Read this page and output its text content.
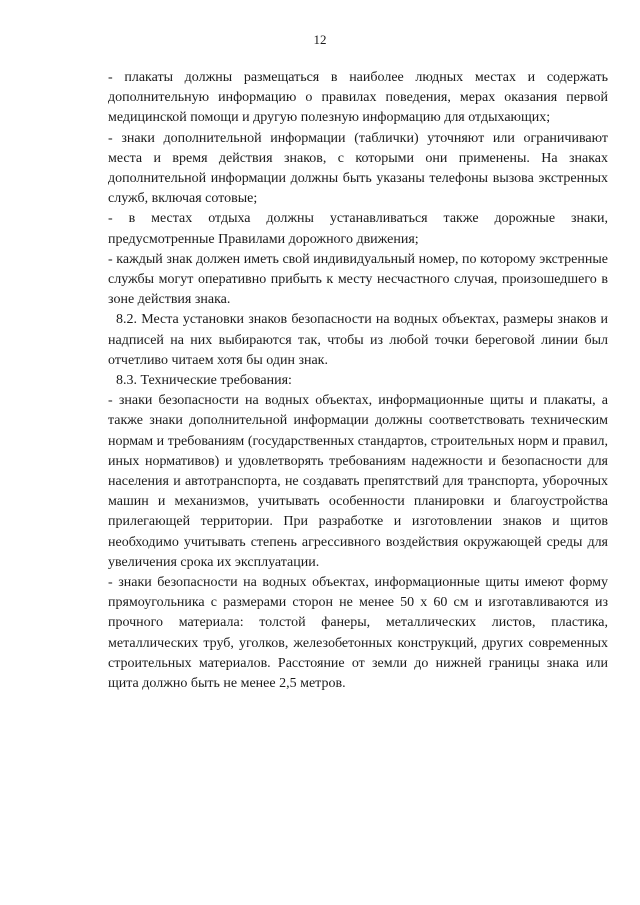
12

- плакаты должны размещаться в наиболее людных местах и содержать дополнительную информацию о правилах поведения, мерах оказания первой медицинской помощи и другую полезную информацию для отдыхающих;

- знаки дополнительной информации (таблички) уточняют или ограничивают места и время действия знаков, с которыми они применены. На знаках дополнительной информации должны быть указаны телефоны вызова экстренных служб, включая сотовые;

- в местах отдыха должны устанавливаться также дорожные знаки, предусмотренные Правилами дорожного движения;

- каждый знак должен иметь свой индивидуальный номер, по которому экстренные службы могут оперативно прибыть к месту несчастного случая, произошедшего в зоне действия знака.

8.2. Места установки знаков безопасности на водных объектах, размеры знаков и надписей на них выбираются так, чтобы из любой точки береговой линии был отчетливо читаем хотя бы один знак.

8.3. Технические требования:

- знаки безопасности на водных объектах, информационные щиты и плакаты, а также знаки дополнительной информации должны соответствовать техническим нормам и требованиям (государственных стандартов, строительных норм и правил, иных нормативов) и удовлетворять требованиям надежности и безопасности для населения и автотранспорта, не создавать препятствий для транспорта, уборочных машин и механизмов, учитывать особенности планировки и благоустройства прилегающей территории. При разработке и изготовлении знаков и щитов необходимо учитывать степень агрессивного воздействия окружающей среды для увеличения срока их эксплуатации.

- знаки безопасности на водных объектах, информационные щиты имеют форму прямоугольника с размерами сторон не менее 50 х 60 см и изготавливаются из прочного материала: толстой фанеры, металлических листов, пластика, металлических труб, уголков, железобетонных конструкций, других современных строительных материалов. Расстояние от земли до нижней границы знака или щита должно быть не менее 2,5 метров.
